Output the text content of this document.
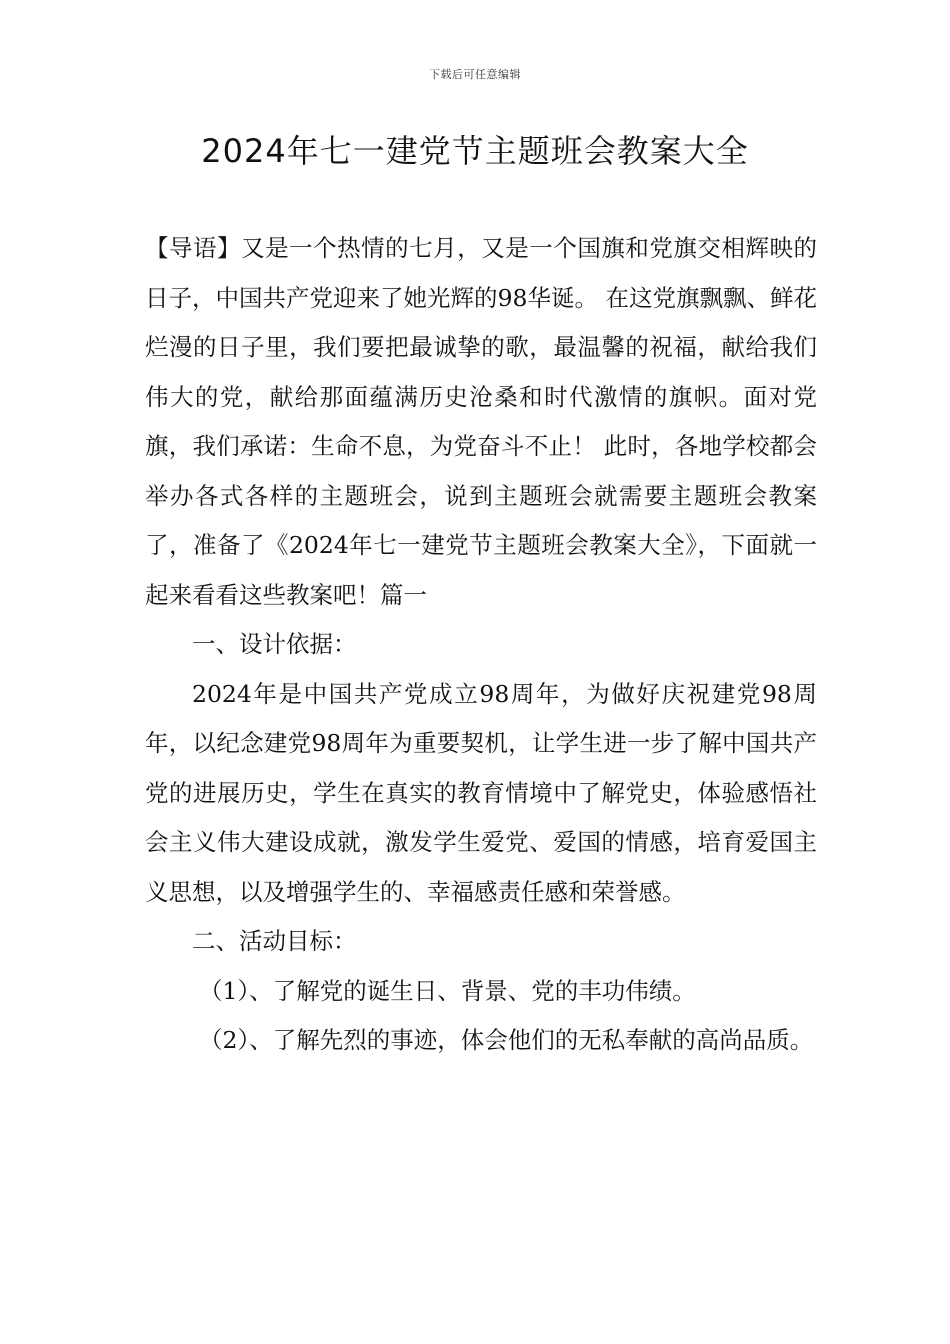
下载后可任意编辑
2024年七一建党节主题班会教案大全

【导语】又是一个热情的七月，又是一个国旗和党旗交相辉映的日子，中国共产党迎来了她光辉的98华诞。 在这党旗飘飘、鲜花烂漫的日子里，我们要把最诚挚的歌，最温馨的祝福，献给我们伟大的党，献给那面蕴满历史沧桑和时代激情的旗帜。面对党旗，我们承诺：生命不息，为党奋斗不止！ 此时，各地学校都会举办各式各样的主题班会，说到主题班会就需要主题班会教案了，准备了《2024年七一建党节主题班会教案大全》，下面就一起来看看这些教案吧！篇一

一、设计依据：

2024年是中国共产党成立98周年，为做好庆祝建党98周年，以纪念建党98周年为重要契机，让学生进一步了解中国共产党的进展历史，学生在真实的教育情境中了解党史，体验感悟社会主义伟大建设成就，激发学生爱党、爱国的情感，培育爱国主义思想，以及增强学生的、幸福感责任感和荣誉感。

二、活动目标：

（1）、了解党的诞生日、背景、党的丰功伟绩。

（2）、了解先烈的事迹，体会他们的无私奉献的高尚品质。
